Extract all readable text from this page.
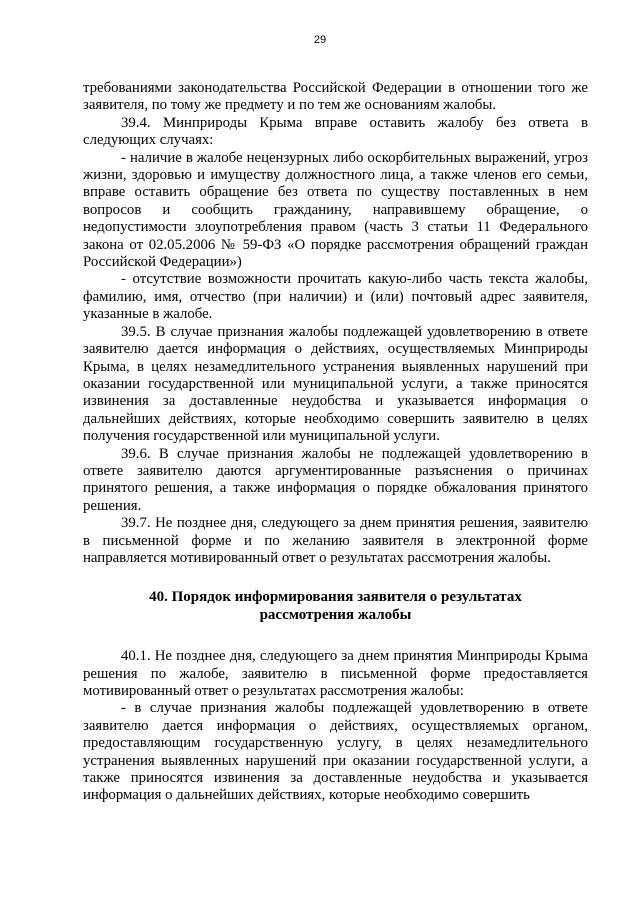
29

требованиями законодательства Российской Федерации в отношении того же заявителя, по тому же предмету и по тем же основаниям жалобы.

39.4. Минприроды Крыма вправе оставить жалобу без ответа в следующих случаях:

- наличие в жалобе нецензурных либо оскорбительных выражений, угроз жизни, здоровью и имуществу должностного лица, а также членов его семьи, вправе оставить обращение без ответа по существу поставленных в нем вопросов и сообщить гражданину, направившему обращение, о недопустимости злоупотребления правом (часть 3 статьи 11 Федерального закона от 02.05.2006 № 59-ФЗ «О порядке рассмотрения обращений граждан Российской Федерации»)

- отсутствие возможности прочитать какую-либо часть текста жалобы, фамилию, имя, отчество (при наличии) и (или) почтовый адрес заявителя, указанные в жалобе.

39.5. В случае признания жалобы подлежащей удовлетворению в ответе заявителю дается информация о действиях, осуществляемых Минприроды Крыма, в целях незамедлительного устранения выявленных нарушений при оказании государственной или муниципальной услуги, а также приносятся извинения за доставленные неудобства и указывается информация о дальнейших действиях, которые необходимо совершить заявителю в целях получения государственной или муниципальной услуги.

39.6. В случае признания жалобы не подлежащей удовлетворению в ответе заявителю даются аргументированные разъяснения о причинах принятого решения, а также информация о порядке обжалования принятого решения.

39.7. Не позднее дня, следующего за днем принятия решения, заявителю в письменной форме и по желанию заявителя в электронной форме направляется мотивированный ответ о результатах рассмотрения жалобы.

40. Порядок информирования заявителя о результатах
рассмотрения жалобы

40.1. Не позднее дня, следующего за днем принятия Минприроды Крыма решения по жалобе, заявителю в письменной форме предоставляется мотивированный ответ о результатах рассмотрения жалобы:

- в случае признания жалобы подлежащей удовлетворению в ответе заявителю дается информация о действиях, осуществляемых органом, предоставляющим государственную услугу, в целях незамедлительного устранения выявленных нарушений при оказании государственной услуги, а также приносятся извинения за доставленные неудобства и указывается информация о дальнейших действиях, которые необходимо совершить
